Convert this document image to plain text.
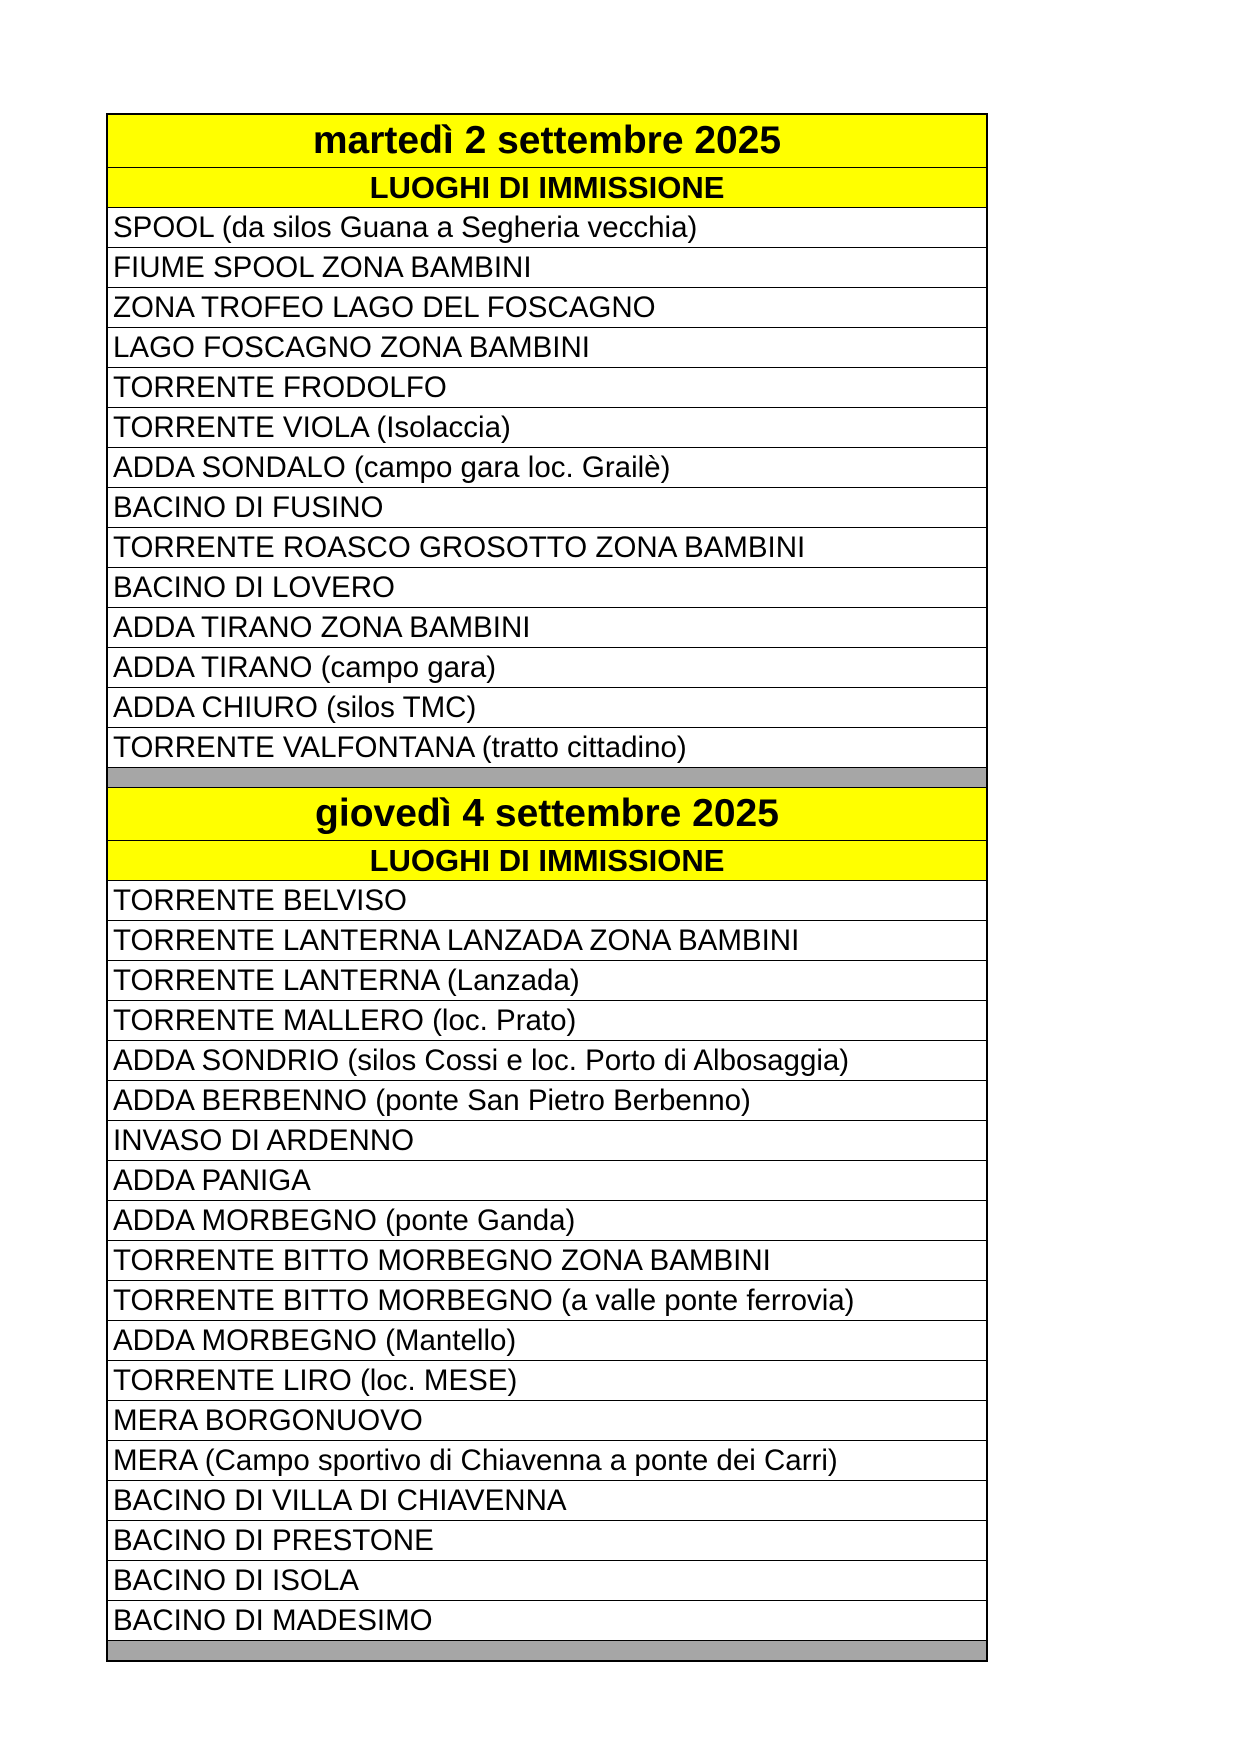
martedì 2 settembre 2025
LUOGHI DI IMMISSIONE
SPOOL (da silos Guana a Segheria vecchia)
FIUME SPOOL ZONA BAMBINI
ZONA TROFEO LAGO DEL FOSCAGNO
LAGO FOSCAGNO ZONA BAMBINI
TORRENTE FRODOLFO
TORRENTE VIOLA (Isolaccia)
ADDA SONDALO (campo gara loc. Grailè)
BACINO DI FUSINO
TORRENTE ROASCO GROSOTTO ZONA BAMBINI
BACINO DI LOVERO
ADDA TIRANO ZONA BAMBINI
ADDA TIRANO (campo gara)
ADDA CHIURO (silos TMC)
TORRENTE VALFONTANA (tratto cittadino)
giovedì 4 settembre 2025
LUOGHI DI IMMISSIONE
TORRENTE BELVISO
TORRENTE LANTERNA LANZADA ZONA BAMBINI
TORRENTE LANTERNA (Lanzada)
TORRENTE MALLERO (loc. Prato)
ADDA SONDRIO (silos Cossi e loc. Porto di Albosaggia)
ADDA BERBENNO (ponte San Pietro Berbenno)
INVASO DI ARDENNO
ADDA PANIGA
ADDA MORBEGNO (ponte Ganda)
TORRENTE BITTO MORBEGNO ZONA BAMBINI
TORRENTE BITTO MORBEGNO (a valle ponte ferrovia)
ADDA MORBEGNO (Mantello)
TORRENTE LIRO (loc. MESE)
MERA BORGONUOVO
MERA (Campo sportivo di Chiavenna a ponte dei Carri)
BACINO DI VILLA DI CHIAVENNA
BACINO DI PRESTONE
BACINO DI ISOLA
BACINO DI MADESIMO
